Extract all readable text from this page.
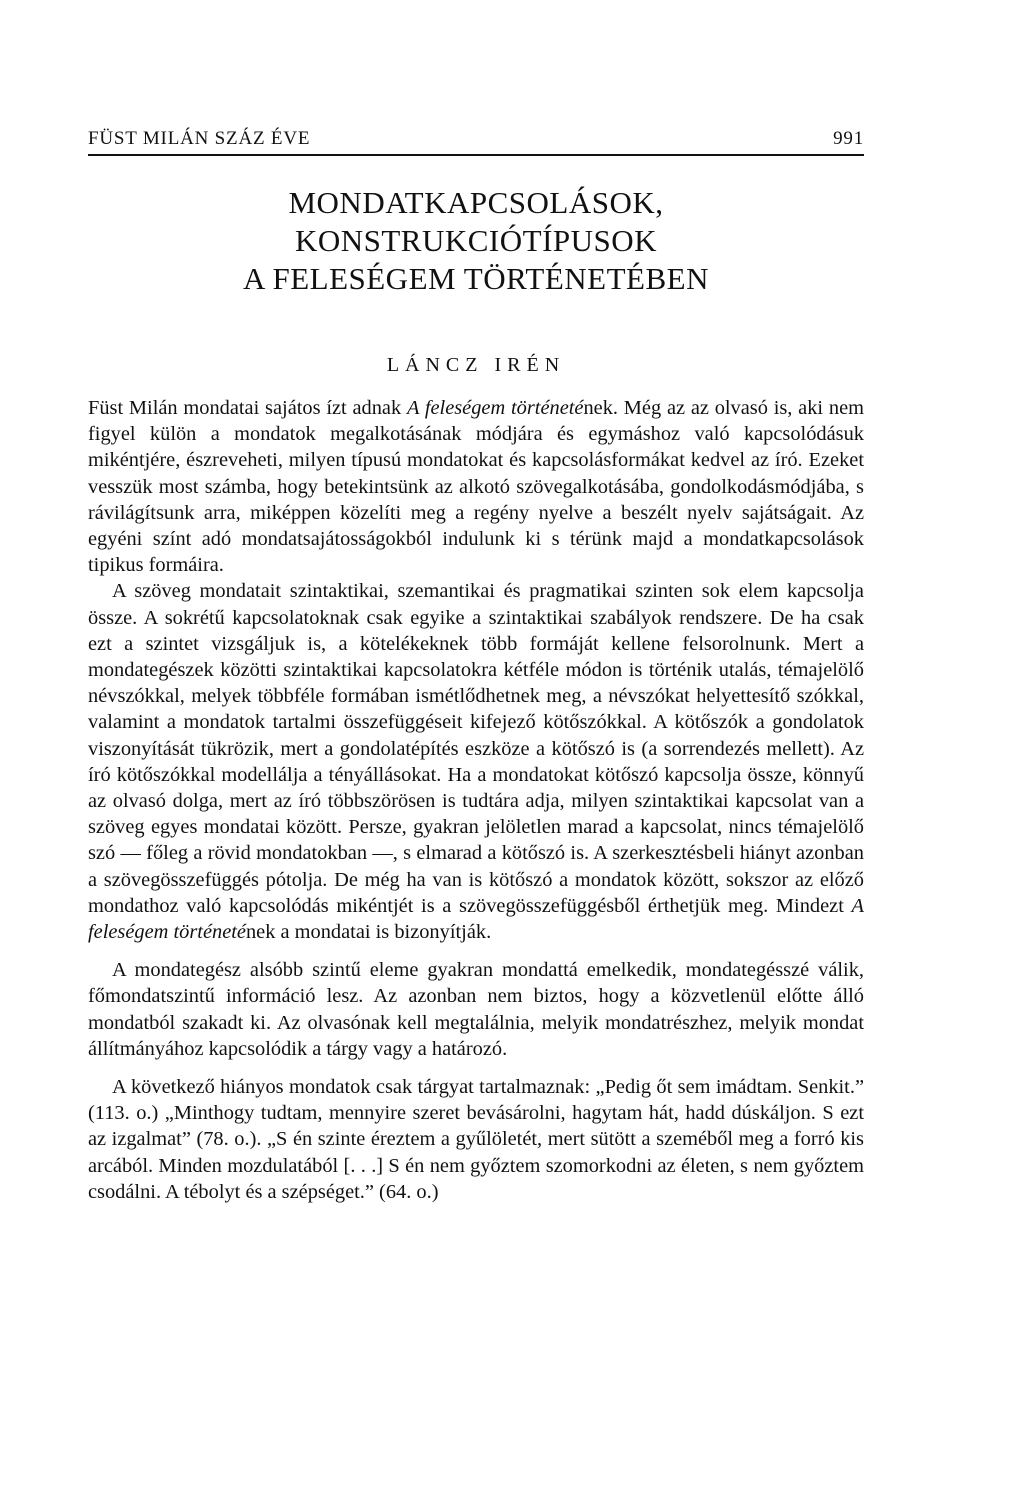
FÜST MILÁN SZÁZ ÉVE	991
MONDATKAPCSOLÁSOK,
KONSTRUKCIÓTÍPUSOK
A FELESÉGEM TÖRTÉNETÉBEN
LÁNCZ IRÉN

Füst Milán mondatai sajátos ízt adnak A feleségem történetének. Még az az olvasó is, aki nem figyel külön a mondatok megalkotásának módjára és egymáshoz való kapcsolódásuk mikéntjére, észreveheti, milyen típusú mondatokat és kapcsolásformákat kedvel az író. Ezeket vesszük most számba, hogy betekintsünk az alkotó szövegalkotásába, gondolkodásmódjába, s rávilágítsunk arra, miképpen közelíti meg a regény nyelve a beszélt nyelv sajátságait. Az egyéni színt adó mondatsajátosságokból indulunk ki s térünk majd a mondatkapcsolások tipikus formáira.

A szöveg mondatait szintaktikai, szemantikai és pragmatikai szinten sok elem kapcsolja össze. A sokrétű kapcsolatoknak csak egyike a szintaktikai szabályok rendszere. De ha csak ezt a szintet vizsgáljuk is, a kötelékeknek több formáját kellene felsorolnunk. Mert a mondategészek közötti szintaktikai kapcsolatokra kétféle módon is történik utalás, témajelölő névszókkal, melyek többféle formában ismétlődhetnek meg, a névszókat helyettesítő szókkal, valamint a mondatok tartalmi összefüggéseit kifejező kötőszókkal. A kötőszók a gondolatok viszonyítását tükrözik, mert a gondolatépítés eszköze a kötőszó is (a sorrendezés mellett). Az író kötőszókkal modellálja a tényállásokat. Ha a mondatokat kötőszó kapcsolja össze, könnyű az olvasó dolga, mert az író többszörösen is tudtára adja, milyen szintaktikai kapcsolat van a szöveg egyes mondatai között. Persze, gyakran jelöletlen marad a kapcsolat, nincs témajelölő szó — főleg a rövid mondatokban —, s elmarad a kötőszó is. A szerkesztésbeli hiányt azonban a szövegösszefüggés pótolja. De még ha van is kötőszó a mondatok között, sokszor az előző mondathoz való kapcsolódás mikéntjét is a szövegösszefüggésből érthetjük meg. Mindezt A feleségem történetének a mondatai is bizonyítják.

A mondategész alsóbb szintű eleme gyakran mondattá emelkedik, mondategésszé válik, főmondatszintű információ lesz. Az azonban nem biztos, hogy a közvetlenül előtte álló mondatból szakadt ki. Az olvasónak kell megtalálnia, melyik mondatrészhez, melyik mondat állítmányához kapcsolódik a tárgy vagy a határozó.

A következő hiányos mondatok csak tárgyat tartalmaznak: „Pedig őt sem imádtam. Senkit.” (113. o.) „Minthogy tudtam, mennyire szeret bevásárolni, hagytam hát, hadd dúskáljon. S ezt az izgalmat” (78. o.). „S én szinte éreztem a gyűlöletét, mert sütött a szeméből meg a forró kis arcából. Minden mozdulatából [. . .] S én nem győztem szomorkodni az életen, s nem győztem csodálni. A tébolyt és a szépséget.” (64. o.)
